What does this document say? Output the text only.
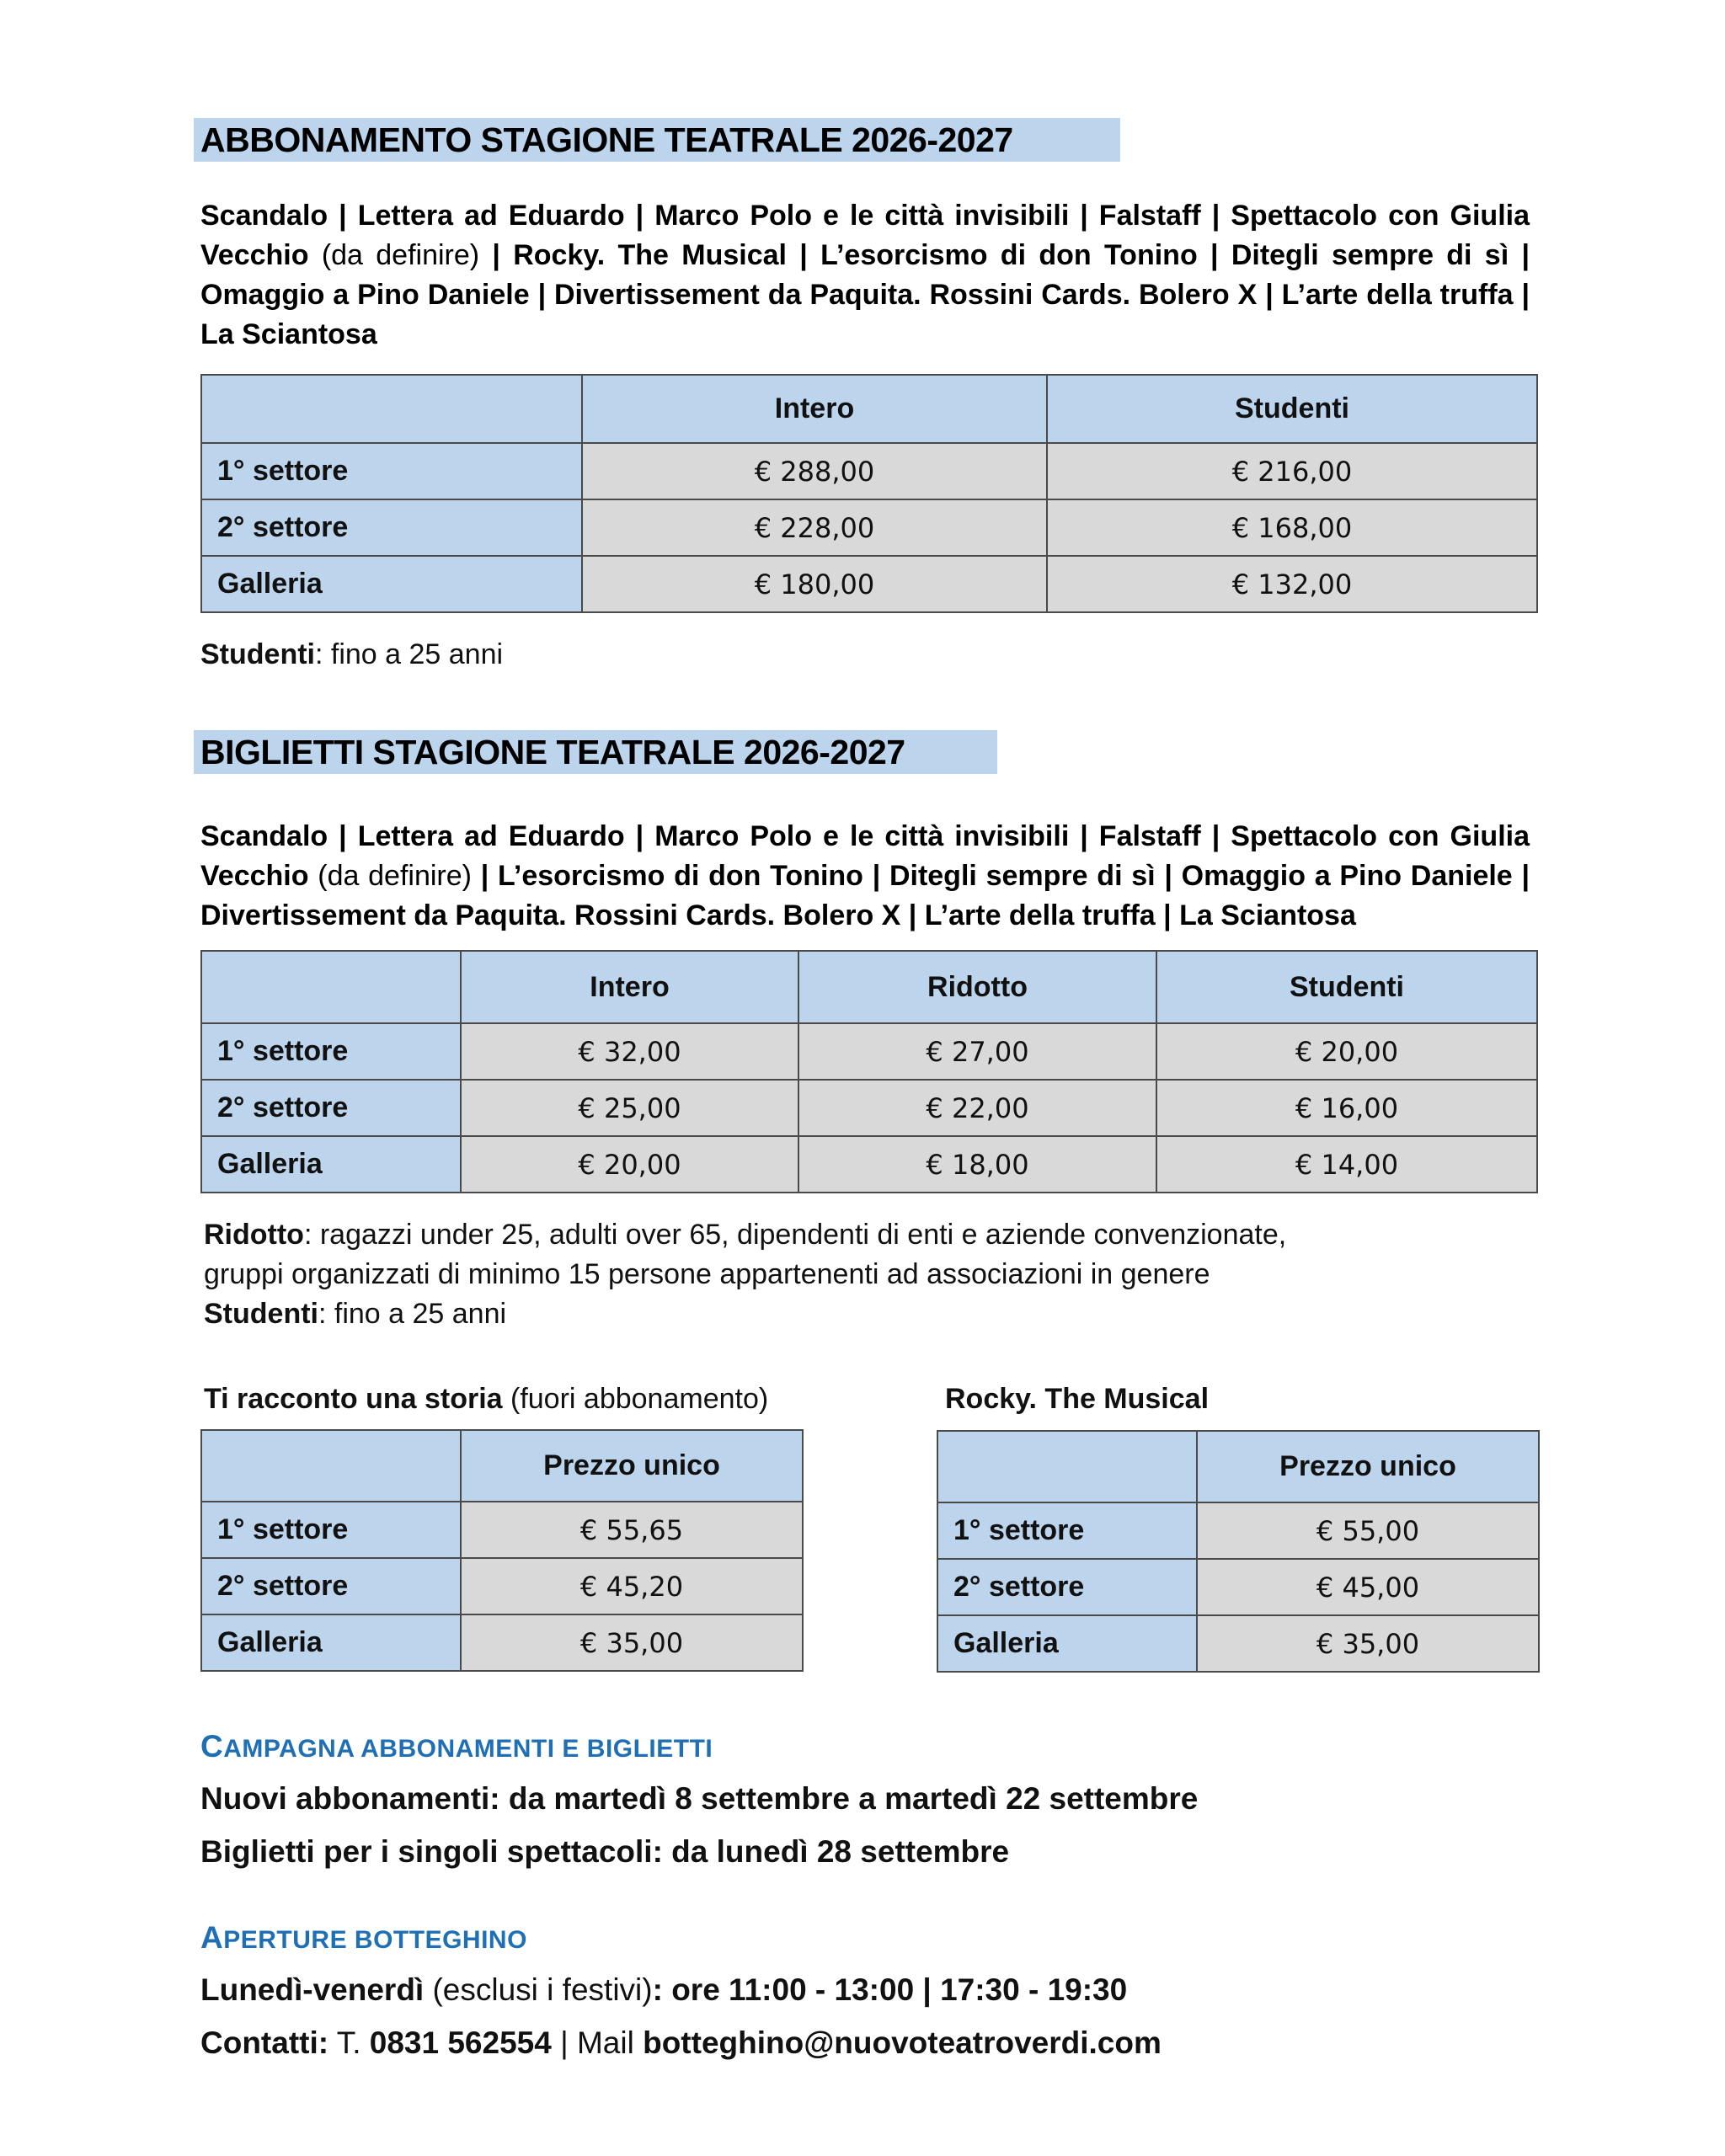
ABBONAMENTO STAGIONE TEATRALE 2026-2027
Scandalo | Lettera ad Eduardo | Marco Polo e le città invisibili | Falstaff | Spettacolo con Giulia Vecchio (da definire) | Rocky. The Musical | L’esorcismo di don Tonino | Ditegli sempre di sì | Omaggio a Pino Daniele | Divertissement da Paquita. Rossini Cards. Bolero X | L’arte della truffa | La Sciantosa
	Intero	Studenti
1° settore	€ 288,00	€ 216,00
2° settore	€ 228,00	€ 168,00
Galleria	€ 180,00	€ 132,00
Studenti: fino a 25 anni
BIGLIETTI STAGIONE TEATRALE 2026-2027
Scandalo | Lettera ad Eduardo | Marco Polo e le città invisibili | Falstaff | Spettacolo con Giulia Vecchio (da definire) | L’esorcismo di don Tonino | Ditegli sempre di sì | Omaggio a Pino Daniele | Divertissement da Paquita. Rossini Cards. Bolero X | L’arte della truffa | La Sciantosa
	Intero	Ridotto	Studenti
1° settore	€ 32,00	€ 27,00	€ 20,00
2° settore	€ 25,00	€ 22,00	€ 16,00
Galleria	€ 20,00	€ 18,00	€ 14,00
Ridotto: ragazzi under 25, adulti over 65, dipendenti di enti e aziende convenzionate,
gruppi organizzati di minimo 15 persone appartenenti ad associazioni in genere
Studenti: fino a 25 anni
Ti racconto una storia (fuori abbonamento)
	Prezzo unico
1° settore	€ 55,65
2° settore	€ 45,20
Galleria	€ 35,00
Rocky. The Musical
	Prezzo unico
1° settore	€ 55,00
2° settore	€ 45,00
Galleria	€ 35,00
CAMPAGNA ABBONAMENTI E BIGLIETTI
Nuovi abbonamenti: da martedì 8 settembre a martedì 22 settembre
Biglietti per i singoli spettacoli: da lunedì 28 settembre
APERTURE BOTTEGHINO
Lunedì-venerdì (esclusi i festivi): ore 11:00 - 13:00 | 17:30 - 19:30
Contatti: T. 0831 562554 | Mail botteghino@nuovoteatroverdi.com
